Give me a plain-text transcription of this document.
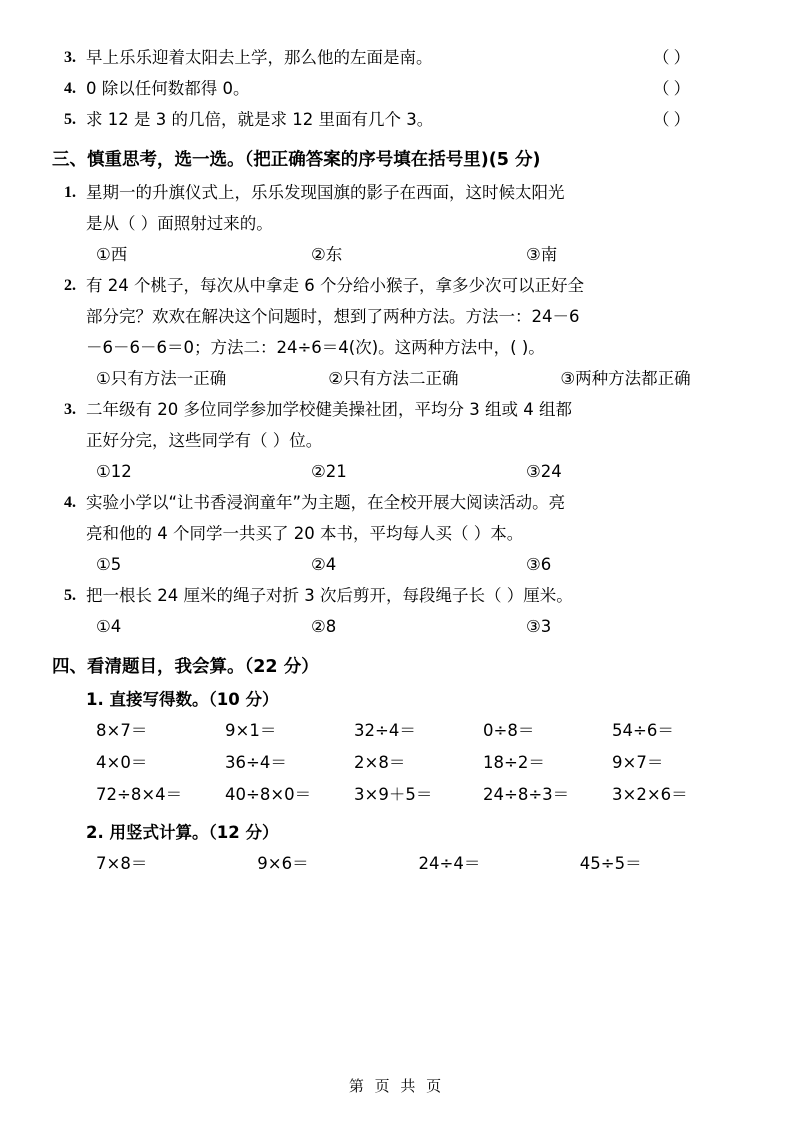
3. 早上乐乐迎着太阳去上学，那么他的左面是南。	（ ）
4. 0 除以任何数都得 0。	（ ）
5. 求 12 是 3 的几倍，就是求 12 里面有几个 3。	（ ）
三、慎重思考，选一选。（把正确答案的序号填在括号里)(5 分)
1. 星期一的升旗仪式上，乐乐发现国旗的影子在西面，这时候太阳光
是从（ ）面照射过来的。
①西	②东	③南
2. 有 24 个桃子，每次从中拿走 6 个分给小猴子，拿多少次可以正好全
部分完？欢欢在解决这个问题时，想到了两种方法。方法一：24－6
－6－6－6＝0；方法二：24÷6＝4(次)。这两种方法中，( )。
①只有方法一正确	②只有方法二正确	③两种方法都正确
3. 二年级有 20 多位同学参加学校健美操社团，平均分 3 组或 4 组都
正好分完，这些同学有（ ）位。
①12	②21	③24
4. 实验小学以“让书香浸润童年”为主题，在全校开展大阅读活动。亮
亮和他的 4 个同学一共买了 20 本书，平均每人买（ ）本。
①5	②4	③6
5. 把一根长 24 厘米的绳子对折 3 次后剪开，每段绳子长（ ）厘米。
①4	②8	③3
四、看清题目，我会算。（22 分）
1. 直接写得数。（10 分）
8×7＝	9×1＝	32÷4＝	0÷8＝	54÷6＝
4×0＝	36÷4＝	2×8＝	18÷2＝	9×7＝
72÷8×4＝	40÷8×0＝	3×9＋5＝	24÷8÷3＝	3×2×6＝
2. 用竖式计算。（12 分）
7×8＝	9×6＝	24÷4＝	45÷5＝
第 页 共 页
